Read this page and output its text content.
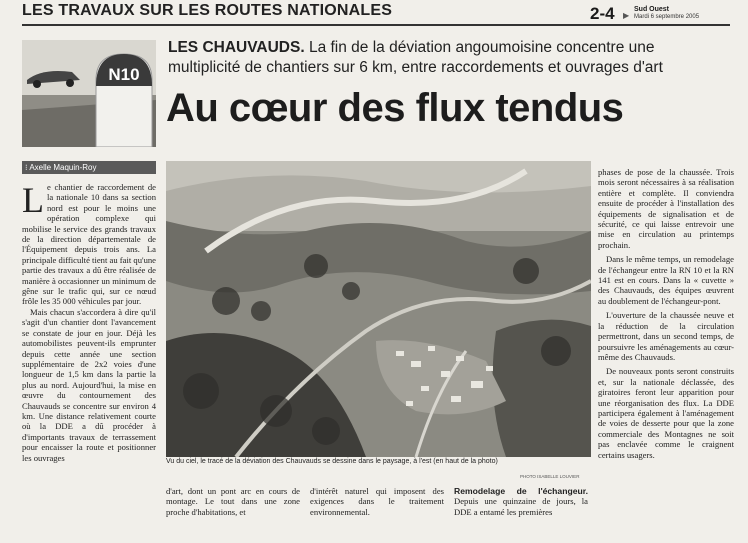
LES TRAVAUX SUR LES ROUTES NATIONALES	2-4 ▶
Sud Ouest
Mardi 6 septembre 2005
N10
LES CHAUVAUDS. La fin de la déviation angoumoisine concentre une multiplicité de chantiers sur 6 km, entre raccordements et ouvrages d'art
Au cœur des flux tendus
⁝ Axelle Maquin-Roy

Le chantier de raccordement de la nationale 10 dans sa section nord est pour le moins une opération complexe qui mobilise le service des grands travaux de la direction départementale de l'Équipement depuis trois ans. La principale difficulté tient au fait qu'une partie des travaux a dû être réalisée de manière à occasionner un minimum de gêne sur le trafic qui, sur ce nœud frôle les 35 000 véhicules par jour.

Mais chacun s'accordera à dire qu'il s'agit d'un chantier dont l'avancement se constate de jour en jour. Déjà les automobilistes peuvent-ils emprunter depuis cette année une section supplémentaire de 2x2 voies d'une longueur de 1,5 km dans la partie la plus au nord. Aujourd'hui, la mise en œuvre du contournement des Chauvauds se concentre sur environ 4 km. Une distance relativement courte où la DDE a dû procéder à d'importants travaux de terrassement pour encaisser la route et positionner les ouvrages	Vu du ciel, le tracé de la déviation des Chauvauds se dessine dans le paysage, à l'est (en haut de la photo)
PHOTO ISABELLE LOUVIER

d'art, dont un pont arc en cours de montage. Le tout dans une zone proche d'habitations, et

d'intérêt naturel qui imposent des exigences dans le traitement environnemental.

Remodelage de l'échangeur. Depuis une quinzaine de jours, la DDE a entamé les premières

phases de pose de la chaussée. Trois mois seront nécessaires à sa réalisation entière et complète. Il conviendra ensuite de procéder à l'installation des équipements de signalisation et de sécurité, ce qui laisse entrevoir une mise en circulation au printemps prochain.

Dans le même temps, un remodelage de l'échangeur entre la RN 10 et la RN 141 est en cours. Dans la « cuvette » des Chauvauds, des équipes œuvrent au doublement de l'échangeur-pont.

L'ouverture de la chaussée neuve et la réduction de la circulation permettront, dans un second temps, de poursuivre les aménagements au cœur-même des Chauvauds.

De nouveaux ponts seront construits et, sur la nationale déclassée, des giratoires feront leur apparition pour une réorganisation des flux. La DDE participera également à l'aménagement de voies de desserte pour que la zone commerciale des Montagnes ne soit pas enclavée comme le craignent certains usagers.
